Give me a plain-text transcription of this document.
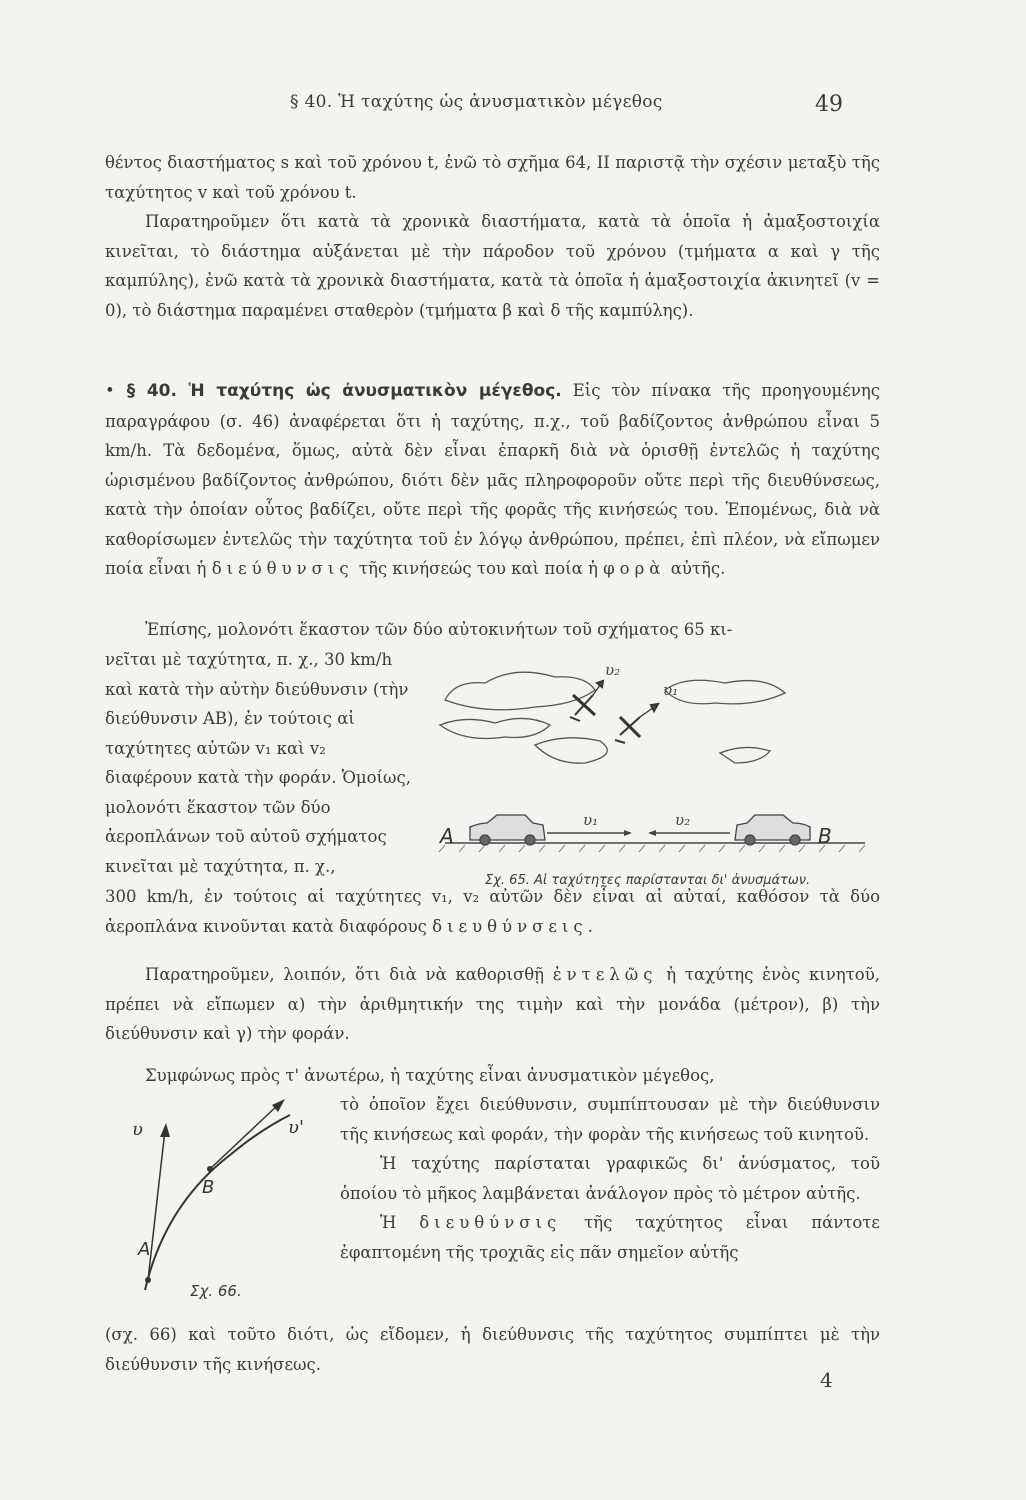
§ 40. Ἡ ταχύτης ὡς ἀνυσματικὸν μέγεθος	49

θέντος διαστήματος s καὶ τοῦ χρόνου t, ἐνῶ τὸ σχῆμα 64, II παριστᾷ τὴν σχέσιν μεταξὺ τῆς ταχύτητος v καὶ τοῦ χρόνου t.

Παρατηροῦμεν ὅτι κατὰ τὰ χρονικὰ διαστήματα, κατὰ τὰ ὁποῖα ἡ ἁμαξοστοιχία κινεῖται, τὸ διάστημα αὐξάνεται μὲ τὴν πάροδον τοῦ χρόνου (τμήματα α καὶ γ τῆς καμπύλης), ἐνῶ κατὰ τὰ χρονικὰ διαστήματα, κατὰ τὰ ὁποῖα ἡ ἁμαξοστοιχία ἀκινητεῖ (v = 0), τὸ διάστημα παραμένει σταθερὸν (τμήματα β καὶ δ τῆς καμπύλης).

• § 40. Ἡ ταχύτης ὡς ἀνυσματικὸν μέγεθος. Εἰς τὸν πίνακα τῆς προηγουμένης παραγράφου (σ. 46) ἀναφέρεται ὅτι ἡ ταχύτης, π.χ., τοῦ βαδίζοντος ἀνθρώπου εἶναι 5 km/h. Τὰ δεδομένα, ὅμως, αὐτὰ δὲν εἶναι ἐπαρκῆ διὰ νὰ ὁρισθῇ ἐντελῶς ἡ ταχύτης ὡρισμένου βαδίζοντος ἀνθρώπου, διότι δὲν μᾶς πληροφοροῦν οὔτε περὶ τῆς διευθύνσεως, κατὰ τὴν ὁποίαν οὗτος βαδίζει, οὔτε περὶ τῆς φορᾶς τῆς κινήσεώς του. Ἑπομένως, διὰ νὰ καθορίσωμεν ἐντελῶς τὴν ταχύτητα τοῦ ἐν λόγῳ ἀνθρώπου, πρέπει, ἐπὶ πλέον, νὰ εἴπωμεν ποία εἶναι ἡ διεύθυνσις τῆς κινήσεώς του καὶ ποία ἡ φορὰ αὐτῆς.

Ἐπίσης, μολονότι ἕκαστον τῶν δύο αὐτοκινήτων τοῦ σχήματος 65 κι-

νεῖται μὲ ταχύτητα, π. χ., 30 km/h καὶ κατὰ τὴν αὐτὴν διεύθυνσιν (τὴν διεύθυνσιν AB), ἐν τούτοις αἱ ταχύτητες αὐτῶν v₁ καὶ v₂ διαφέρουν κατὰ τὴν φοράν. Ὁμοίως, μολονότι ἕκαστον τῶν δύο ἀεροπλάνων τοῦ αὐτοῦ σχήματος κινεῖται μὲ ταχύτητα, π. χ.,

υ₂
υ₁
υ₁	υ₂
A	B
Σχ. 65. Αἱ ταχύτητες παρίστανται δι' ἀνυσμάτων.

300 km/h, ἐν τούτοις αἱ ταχύτητες v₁, v₂ αὐτῶν δὲν εἶναι αἱ αὐταί, καθόσον τὰ δύο ἀεροπλάνα κινοῦνται κατὰ διαφόρους διευθύνσεις.

Παρατηροῦμεν, λοιπόν, ὅτι διὰ νὰ καθορισθῇ ἐντελῶς ἡ ταχύτης ἑνὸς κινητοῦ, πρέπει νὰ εἴπωμεν α) τὴν ἀριθμητικήν της τιμὴν καὶ τὴν μονάδα (μέτρον), β) τὴν διεύθυνσιν καὶ γ) τὴν φοράν.

Συμφώνως πρὸς τ' ἀνωτέρω, ἡ ταχύτης εἶναι ἀνυσματικὸν μέγεθος,

τὸ ὁποῖον ἔχει διεύθυνσιν, συμπίπτουσαν μὲ τὴν διεύθυνσιν τῆς κινήσεως καὶ φοράν, τὴν φορὰν τῆς κινήσεως τοῦ κινητοῦ.
Ἡ ταχύτης παρίσταται γραφικῶς δι' ἀνύσματος, τοῦ ὁποίου τὸ μῆκος λαμβάνεται ἀνάλογον πρὸς τὸ μέτρον αὐτῆς.
Ἡ διευθύνσις τῆς ταχύτητος εἶναι πάντοτε ἐφαπτομένη τῆς τροχιᾶς εἰς πᾶν σημεῖον αὐτῆς
υ	υ'
B
A
Σχ. 66.

(σχ. 66) καὶ τοῦτο διότι, ὡς εἴδομεν, ἡ διεύθυνσις τῆς ταχύτητος συμπίπτει μὲ τὴν διεύθυνσιν τῆς κινήσεως.

4
